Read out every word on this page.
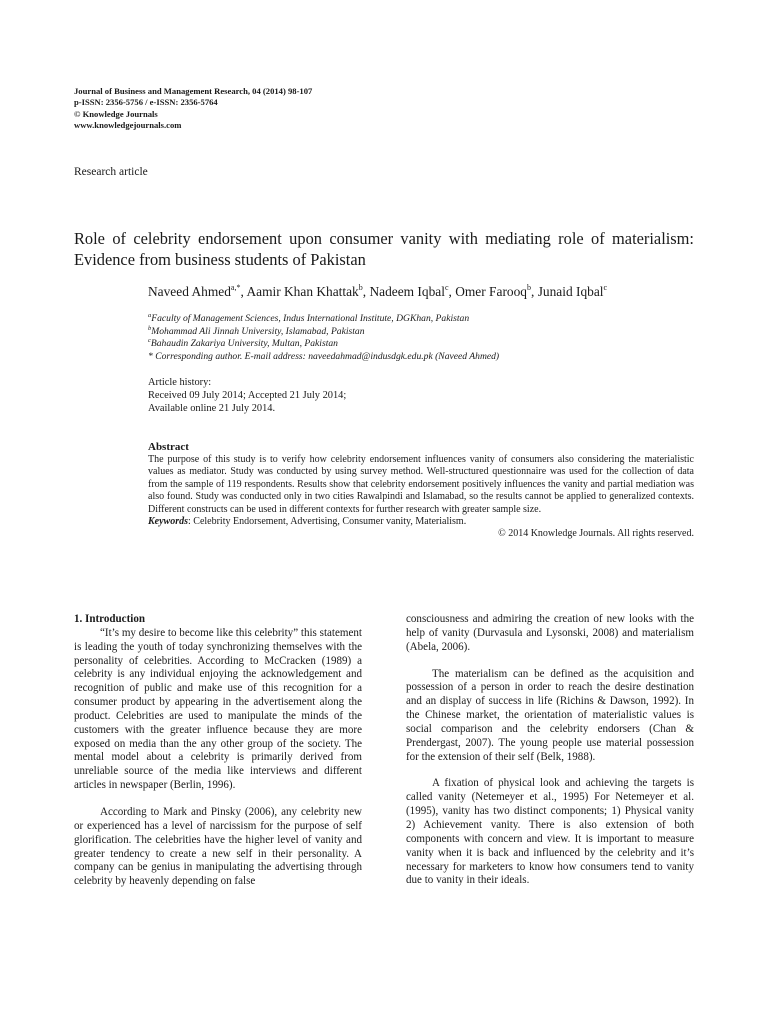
Journal of Business and Management Research, 04 (2014) 98-107
p-ISSN: 2356-5756 / e-ISSN: 2356-5764
© Knowledge Journals
www.knowledgejournals.com
Research article
Role of celebrity endorsement upon consumer vanity with mediating role of materialism: Evidence from business students of Pakistan
Naveed Ahmed$^{a,*}$, Aamir Khan Khattak$^b$, Nadeem Iqbal$^c$, Omer Farooq$^b$, Junaid Iqbal$^c$
$^a$Faculty of Management Sciences, Indus International Institute, DGKhan, Pakistan
$^b$Mohammad Ali Jinnah University, Islamabad, Pakistan
$^c$Bahaudin Zakariya University, Multan, Pakistan
* Corresponding author. E-mail address: naveedahmad@indusdgk.edu.pk (Naveed Ahmed)
Article history:
Received 09 July 2014; Accepted 21 July 2014;
Available online 21 July 2014.
Abstract
The purpose of this study is to verify how celebrity endorsement influences vanity of consumers also considering the materialistic values as mediator. Study was conducted by using survey method. Well-structured questionnaire was used for the collection of data from the sample of 119 respondents. Results show that celebrity endorsement positively influences the vanity and partial mediation was also found. Study was conducted only in two cities Rawalpindi and Islamabad, so the results cannot be applied to generalized contexts. Different constructs can be used in different contexts for further research with greater sample size.
Keywords: Celebrity Endorsement, Advertising, Consumer vanity, Materialism.
© 2014 Knowledge Journals. All rights reserved.
1. Introduction

“It’s my desire to become like this celebrity” this statement is leading the youth of today synchronizing themselves with the personality of celebrities. According to McCracken (1989) a celebrity is any individual enjoying the acknowledgement and recognition of public and make use of this recognition for a consumer product by appearing in the advertisement along the product. Celebrities are used to manipulate the minds of the customers with the greater influence because they are more exposed on media than the any other group of the society. The mental model about a celebrity is primarily derived from unreliable source of the media like interviews and different articles in newspaper (Berlin, 1996).

According to Mark and Pinsky (2006), any celebrity new or experienced has a level of narcissism for the purpose of self glorification. The celebrities have the higher level of vanity and greater tendency to create a new self in their personality. A company can be genius in manipulating the advertising through celebrity by heavenly depending on false

consciousness and admiring the creation of new looks with the help of vanity (Durvasula and Lysonski, 2008) and materialism (Abela, 2006).

The materialism can be defined as the acquisition and possession of a person in order to reach the desire destination and an display of success in life (Richins & Dawson, 1992). In the Chinese market, the orientation of materialistic values is social comparison and the celebrity endorsers (Chan & Prendergast, 2007). The young people use material possession for the extension of their self (Belk, 1988).

A fixation of physical look and achieving the targets is called vanity (Netemeyer et al., 1995) For Netemeyer et al. (1995), vanity has two distinct components; 1) Physical vanity 2) Achievement vanity. There is also extension of both components with concern and view. It is important to measure vanity when it is back and influenced by the celebrity and it’s necessary for marketers to know how consumers tend to vanity due to vanity in their ideals.
